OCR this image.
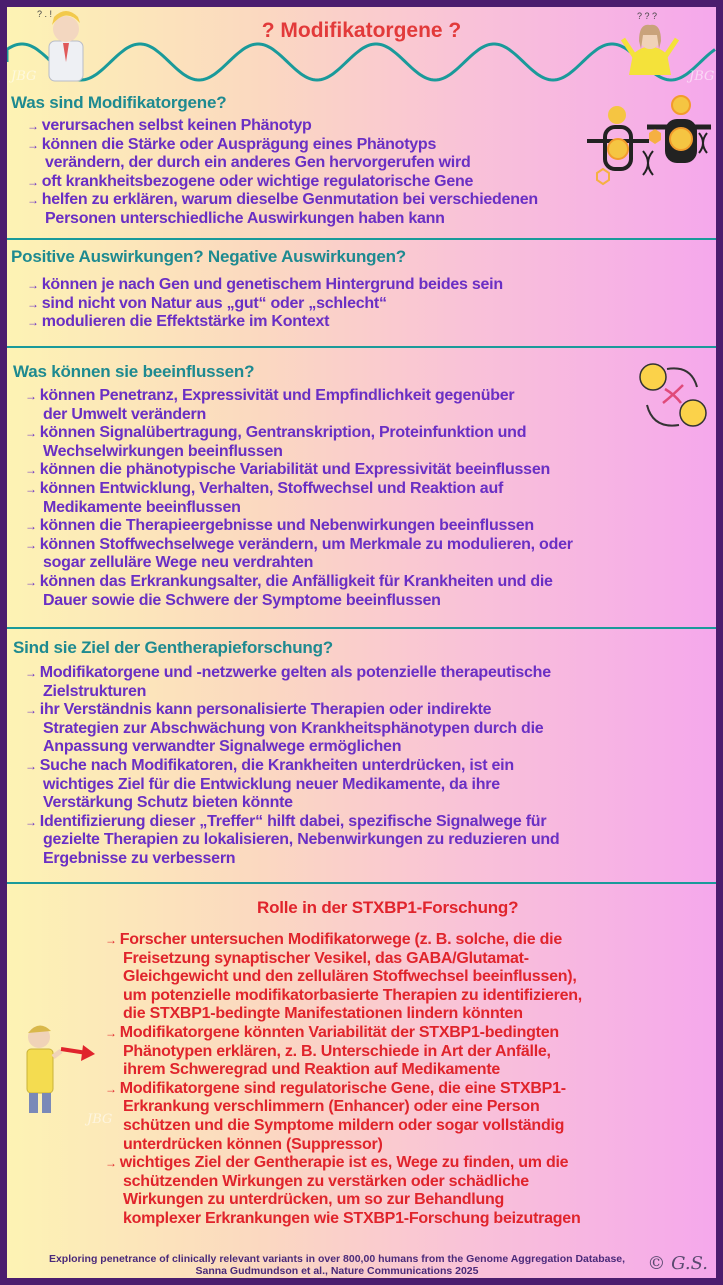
? . !	? ? ?
JBG	JBG
JBG
? Modifikatorgene ?
Was sind Modifikatorgene?
→ verursachen selbst keinen Phänotyp
→ können die Stärke oder Ausprägung eines Phänotyps
verändern, der durch ein anderes Gen hervorgerufen wird
→ oft krankheitsbezogene oder wichtige regulatorische Gene
→ helfen zu erklären, warum dieselbe Genmutation bei verschiedenen
Personen unterschiedliche Auswirkungen haben kann
Positive Auswirkungen? Negative Auswirkungen?
→ können je nach Gen und genetischem Hintergrund beides sein
→ sind nicht von Natur aus „gut“ oder „schlecht“
→ modulieren die Effektstärke im Kontext
Was können sie beeinflussen?
→ können Penetranz, Expressivität und Empfindlichkeit gegenüber
der Umwelt verändern
→ können Signalübertragung, Gentranskription, Proteinfunktion und
Wechselwirkungen beeinflussen
→ können die phänotypische Variabilität und Expressivität beeinflussen
→ können Entwicklung, Verhalten, Stoffwechsel und Reaktion auf
Medikamente beeinflussen
→ können die Therapieergebnisse und Nebenwirkungen beeinflussen
→ können Stoffwechselwege verändern, um Merkmale zu modulieren, oder
sogar zelluläre Wege neu verdrahten
→ können das Erkrankungsalter, die Anfälligkeit für Krankheiten und die
Dauer sowie die Schwere der Symptome beeinflussen
Sind sie Ziel der Gentherapieforschung?
→ Modifikatorgene und -netzwerke gelten als potenzielle therapeutische
Zielstrukturen
→ ihr Verständnis kann personalisierte Therapien oder indirekte
Strategien zur Abschwächung von Krankheitsphänotypen durch die
Anpassung verwandter Signalwege ermöglichen
→ Suche nach Modifikatoren, die Krankheiten unterdrücken, ist ein
wichtiges Ziel für die Entwicklung neuer Medikamente, da ihre
Verstärkung Schutz bieten könnte
→ Identifizierung dieser „Treffer“ hilft dabei, spezifische Signalwege für
gezielte Therapien zu lokalisieren, Nebenwirkungen zu reduzieren und
Ergebnisse zu verbessern
Rolle in der STXBP1-Forschung?
→ Forscher untersuchen Modifikatorwege (z. B. solche, die die
Freisetzung synaptischer Vesikel, das GABA/Glutamat-
Gleichgewicht und den zellulären Stoffwechsel beeinflussen),
um potenzielle modifikatorbasierte Therapien zu identifizieren,
die STXBP1-bedingte Manifestationen lindern könnten
→ Modifikatorgene könnten Variabilität der STXBP1-bedingten
Phänotypen erklären, z. B. Unterschiede in Art der Anfälle,
ihrem Schweregrad und Reaktion auf Medikamente
→ Modifikatorgene sind regulatorische Gene, die eine STXBP1-
Erkrankung verschlimmern (Enhancer) oder eine Person
schützen und die Symptome mildern oder sogar vollständig
unterdrücken können (Suppressor)
→ wichtiges Ziel der Gentherapie ist es, Wege zu finden, um die
schützenden Wirkungen zu verstärken oder schädliche
Wirkungen zu unterdrücken, um so zur Behandlung
komplexer Erkrankungen wie STXBP1-Forschung beizutragen
Exploring penetrance of clinically relevant variants in over 800,00 humans from the Genome Aggregation Database,
Sanna Gudmundson et al., Nature Communications 2025	© G.S.
